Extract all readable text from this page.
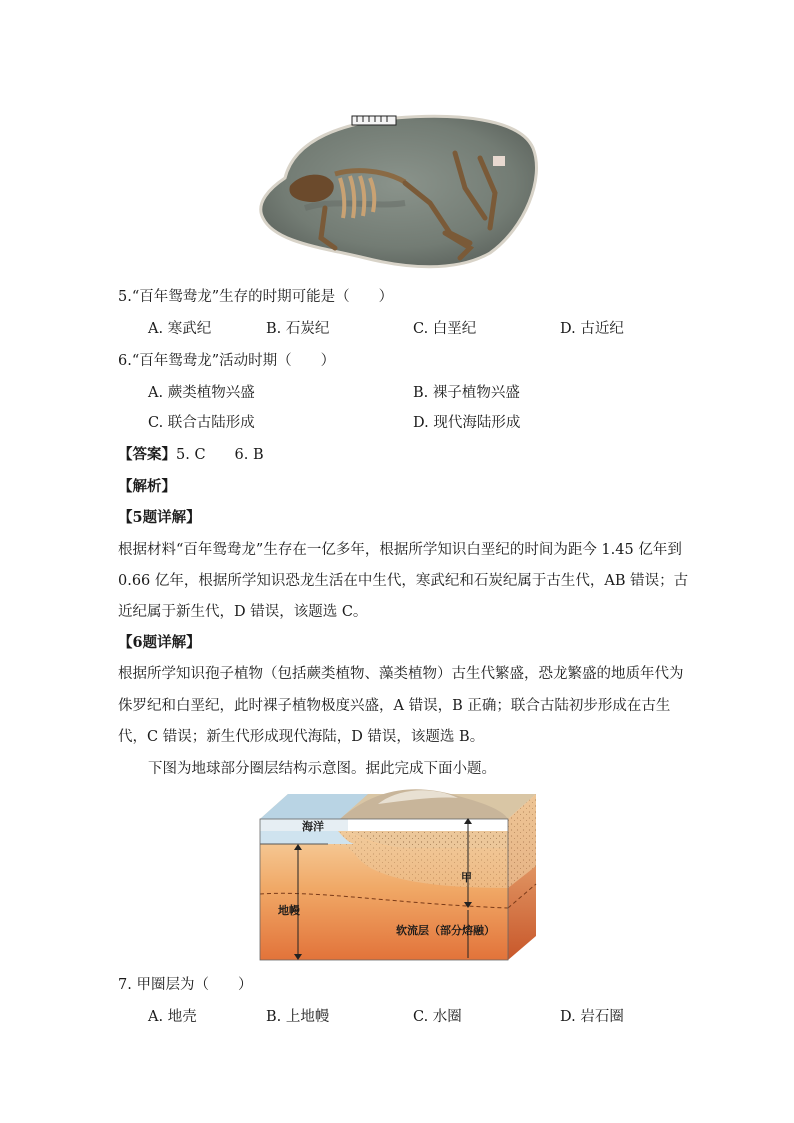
5.“百年鸳鸯龙”生存的时期可能是（　　）
A. 寒武纪	B. 石炭纪	C. 白垩纪	D. 古近纪
6.“百年鸳鸯龙”活动时期（　　）
A. 蕨类植物兴盛	B. 裸子植物兴盛
C. 联合古陆形成	D. 现代海陆形成
【答案】5. C　　6. B
【解析】
【5题详解】
根据材料“百年鸳鸯龙”生存在一亿多年，根据所学知识白垩纪的时间为距今 1.45 亿年到
0.66 亿年，根据所学知识恐龙生活在中生代，寒武纪和石炭纪属于古生代，AB 错误；古
近纪属于新生代，D 错误，该题选 C。
【6题详解】
根据所学知识孢子植物（包括蕨类植物、藻类植物）古生代繁盛，恐龙繁盛的地质年代为
侏罗纪和白垩纪，此时裸子植物极度兴盛，A 错误，B 正确；联合古陆初步形成在古生
代，C 错误；新生代形成现代海陆，D 错误，该题选 B。
下图为地球部分圈层结构示意图。据此完成下面小题。
海洋
甲
地幔
软流层（部分熔融）
7. 甲圈层为（　　）
A. 地壳	B. 上地幔	C. 水圈	D. 岩石圈
